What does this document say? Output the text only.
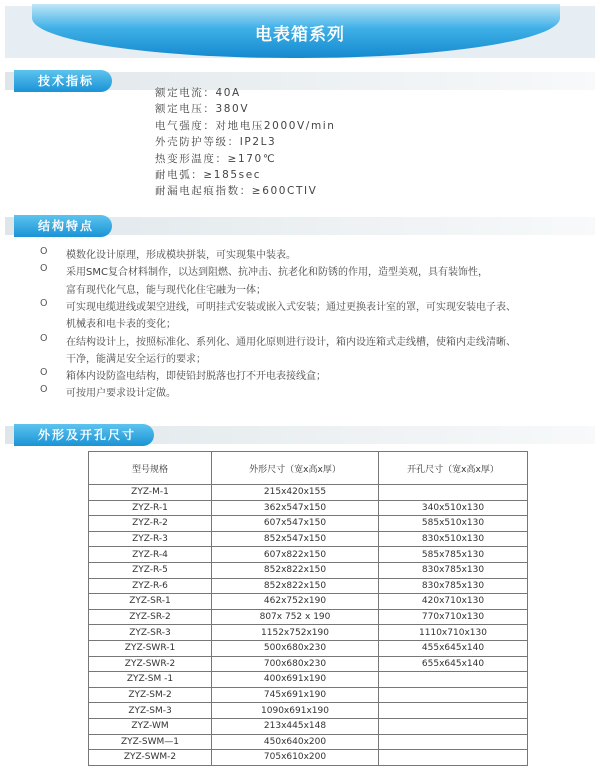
电表箱系列
技术指标
额定电流：40A
额定电压：380V
电气强度：对地电压2000V/min
外壳防护等级：IP2L3
热变形温度：≥170℃
耐电弧：≥185sec
耐漏电起痕指数：≥600CTIV
结构特点
O 模数化设计原理，形成模块拼装，可实现集中装表。
O 采用SMC复合材料制作，以达到阻燃、抗冲击、抗老化和防锈的作用，造型美观，具有装饰性，
富有现代化气息，能与现代化住宅融为一体；
O 可实现电缆进线或架空进线，可明挂式安装或嵌入式安装；通过更换表计室的罩，可实现安装电子表、
机械表和电卡表的变化；
O 在结构设计上，按照标准化、系列化、通用化原则进行设计，箱内设连箱式走线槽，使箱内走线清晰、
干净，能满足安全运行的要求；
O 箱体内设防盗电结构，即使铅封脱落也打不开电表接线盒；
O 可按用户要求设计定做。
外形及开孔尺寸
型号规格	外形尺寸（宽x高x厚）	开孔尺寸（宽x高x厚）
ZYZ-M-1	215x420x155	
ZYZ-R-1	362x547x150	340x510x130
ZYZ-R-2	607x547x150	585x510x130
ZYZ-R-3	852x547x150	830x510x130
ZYZ-R-4	607x822x150	585x785x130
ZYZ-R-5	852x822x150	830x785x130
ZYZ-R-6	852x822x150	830x785x130
ZYZ-SR-1	462x752x190	420x710x130
ZYZ-SR-2	807x 752 x 190	770x710x130
ZYZ-SR-3	1152x752x190	1110x710x130
ZYZ-SWR-1	500x680x230	455x645x140
ZYZ-SWR-2	700x680x230	655x645x140
ZYZ-SM -1	400x691x190	
ZYZ-SM-2	745x691x190	
ZYZ-SM-3	1090x691x190	
ZYZ-WM	213x445x148	
ZYZ-SWM—1	450x640x200	
ZYZ-SWM-2	705x610x200	
